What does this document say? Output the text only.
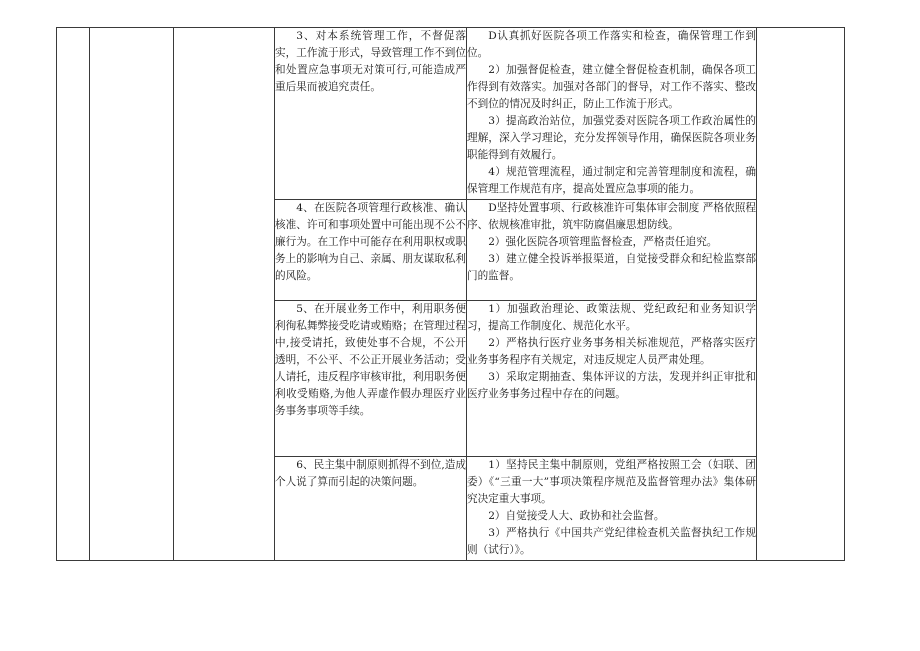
			3、对本系统管理工作，不督促落实，工作流于形式，导致管理工作不到位和处置应急事项无对策可行,可能造成严重后果而被追究责任。	D认真抓好医院各项工作落实和检查，确保管理工作到位。

2）加强督促检查，建立健全督促检查机制，确保各项工作得到有效落实。加强对各部门的督导，对工作不落实、整改不到位的情况及时纠正，防止工作流于形式。

3）提高政治站位，加强党委对医院各项工作政治属性的理解，深入学习理论，充分发挥领导作用，确保医院各项业务职能得到有效履行。

4）规范管理流程，通过制定和完善管理制度和流程，确保管理工作规范有序，提高处置应急事项的能力。	

			4、在医院各项管理行政核准、确认核准、许可和事项处置中可能出现不公不廉行为。在工作中可能存在利用职权或职务上的影响为自己、亲属、朋友谋取私利的风险。	D坚持处置事项、行政核准许可集体审会制度 严格依照程序、依规核准审批，筑牢防腐倡廉思想防线。

2）强化医院各项管理监督检查，严格责任追究。

3）建立健全投诉举报渠道，自觉接受群众和纪检监察部门的监督。	

			5、在开展业务工作中，利用职务便利徇私舞弊接受吃请或贿赂；在管理过程中,接受请托，致使处事不合规，不公开透明，不公平、不公正开展业务活动；受人请托，违反程序审核审批，利用职务便利收受贿赂,为他人弄虚作假办理医疗业务事务事项等手续。	1）加强政治理论、政策法规、党纪政纪和业务知识学习，提高工作制度化、规范化水平。

2）严格执行医疗业务事务相关标准规范，严格落实医疗业务事务程序有关规定，对违反规定人员严肃处理。

3）采取定期抽查、集体评议的方法，发现并纠正审批和医疗业务事务过程中存在的问题。	

			6、民主集中制原则抓得不到位,造成个人说了算而引起的决策问题。	1）坚持民主集中制原则，党组严格按照工会（妇联、团委）《“三重一大”事项决策程序规范及监督管理办法》集体研究决定重大事项。

2）自觉接受人大、政协和社会监督。

3）严格执行《中国共产党纪律检查机关监督执纪工作规则（试行）》。	
